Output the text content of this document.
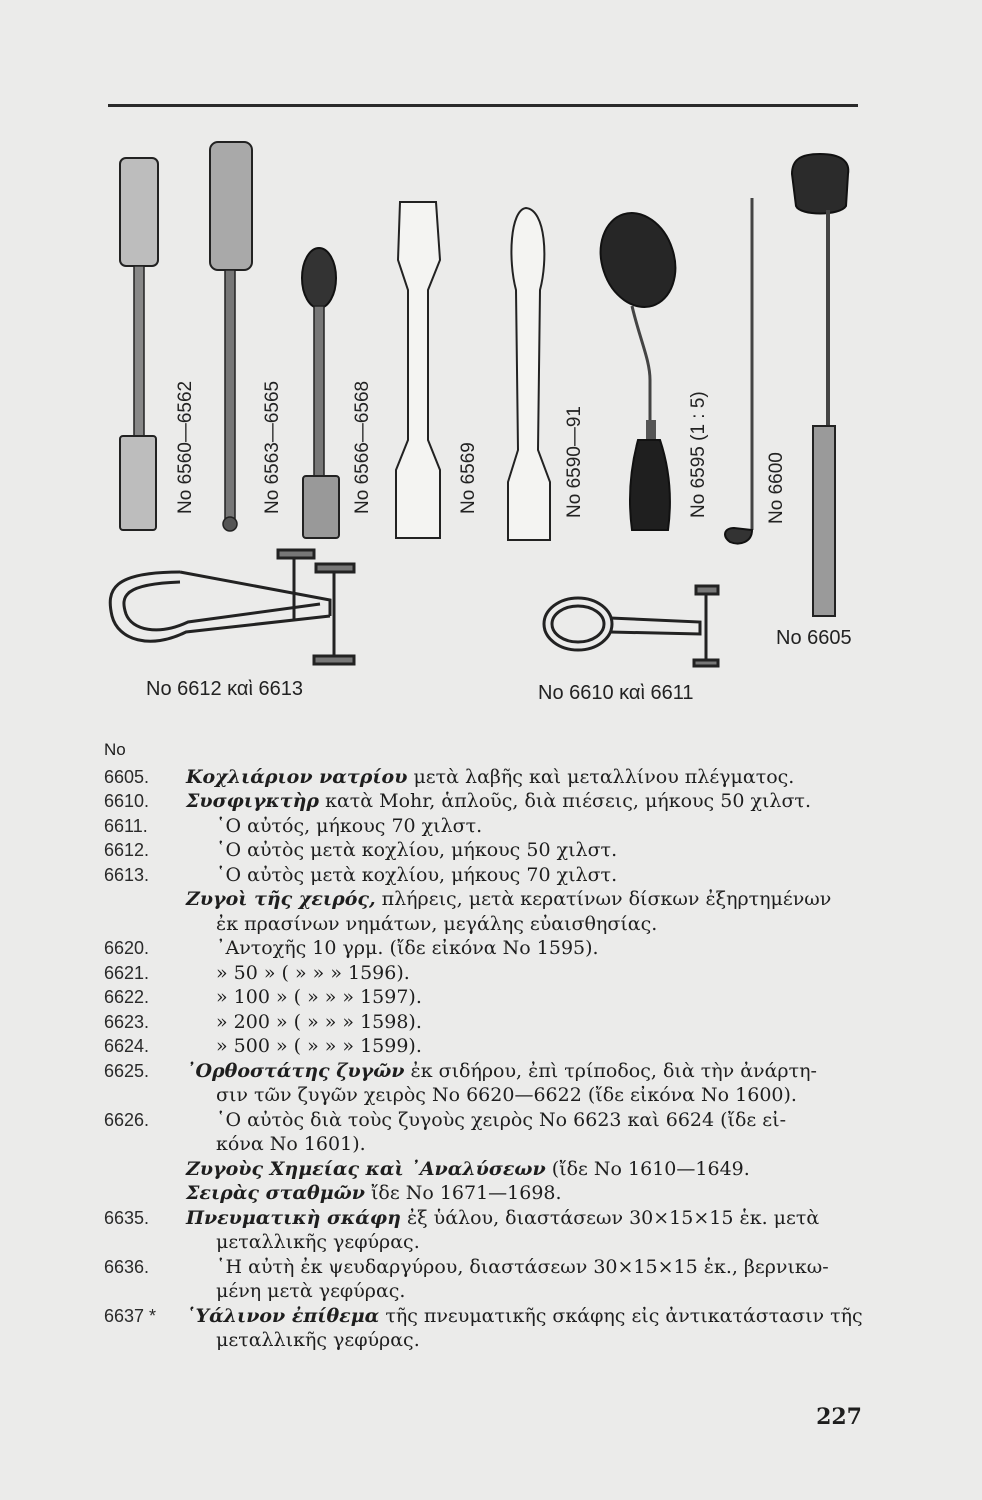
No 6560—6562	No 6563—6565	No 6566—6568	No 6569	No 6590—91	No 6595 (1 : 5)	No 6600
No 6605
No 6612 καὶ 6613	No 6610 καὶ 6611
No
6605.	Κοχλιάριον νατρίου μετὰ λαβῆς καὶ μεταλλίνου πλέγματος.
6610.	Συσφιγκτὴρ κατὰ Mohr, ἁπλοῦς, διὰ πιέσεις, μήκους 50 χιλστ.
6611.	῾Ο αὐτός, μήκους 70 χιλστ.
6612.	῾Ο αὐτὸς μετὰ κοχλίου, μήκους 50 χιλστ.
6613.	῾Ο αὐτὸς μετὰ κοχλίου, μήκους 70 χιλστ.
Ζυγοὶ τῆς χειρός, πλήρεις, μετὰ κερατίνων δίσκων ἐξηρτημένων
ἐκ πρασίνων νημάτων, μεγάλης εὐαισθησίας.
6620.	᾿Αντοχῆς 10 γρμ. (ἴδε εἰκόνα No 1595).
6621.	» 50 » ( » » » 1596).
6622.	» 100 » ( » » » 1597).
6623.	» 200 » ( » » » 1598).
6624.	» 500 » ( » » » 1599).
6625.	᾿Ορθοστάτης ζυγῶν ἐκ σιδήρου, ἐπὶ τρίποδος, διὰ τὴν ἀνάρτη-
σιν τῶν ζυγῶν χειρὸς No 6620—6622 (ἴδε εἰκόνα No 1600).
6626.	῾Ο αὐτὸς διὰ τοὺς ζυγοὺς χειρὸς No 6623 καὶ 6624 (ἴδε εἰ-
κόνα No 1601).
Ζυγοὺς Χημείας καὶ ᾿Αναλύσεων (ἴδε No 1610—1649.
Σειρὰς σταθμῶν ἴδε No 1671—1698.
6635.	Πνευματικὴ σκάφη ἐξ ὑάλου, διαστάσεων 30×15×15 ἑκ. μετὰ
μεταλλικῆς γεφύρας.
6636.	῾Η αὐτὴ ἐκ ψευδαργύρου, διαστάσεων 30×15×15 ἑκ., βερνικω-
μένη μετὰ γεφύρας.
6637 *	῾Υάλινον ἐπίθεμα τῆς πνευματικῆς σκάφης εἰς ἀντικατάστασιν τῆς
μεταλλικῆς γεφύρας.
227
